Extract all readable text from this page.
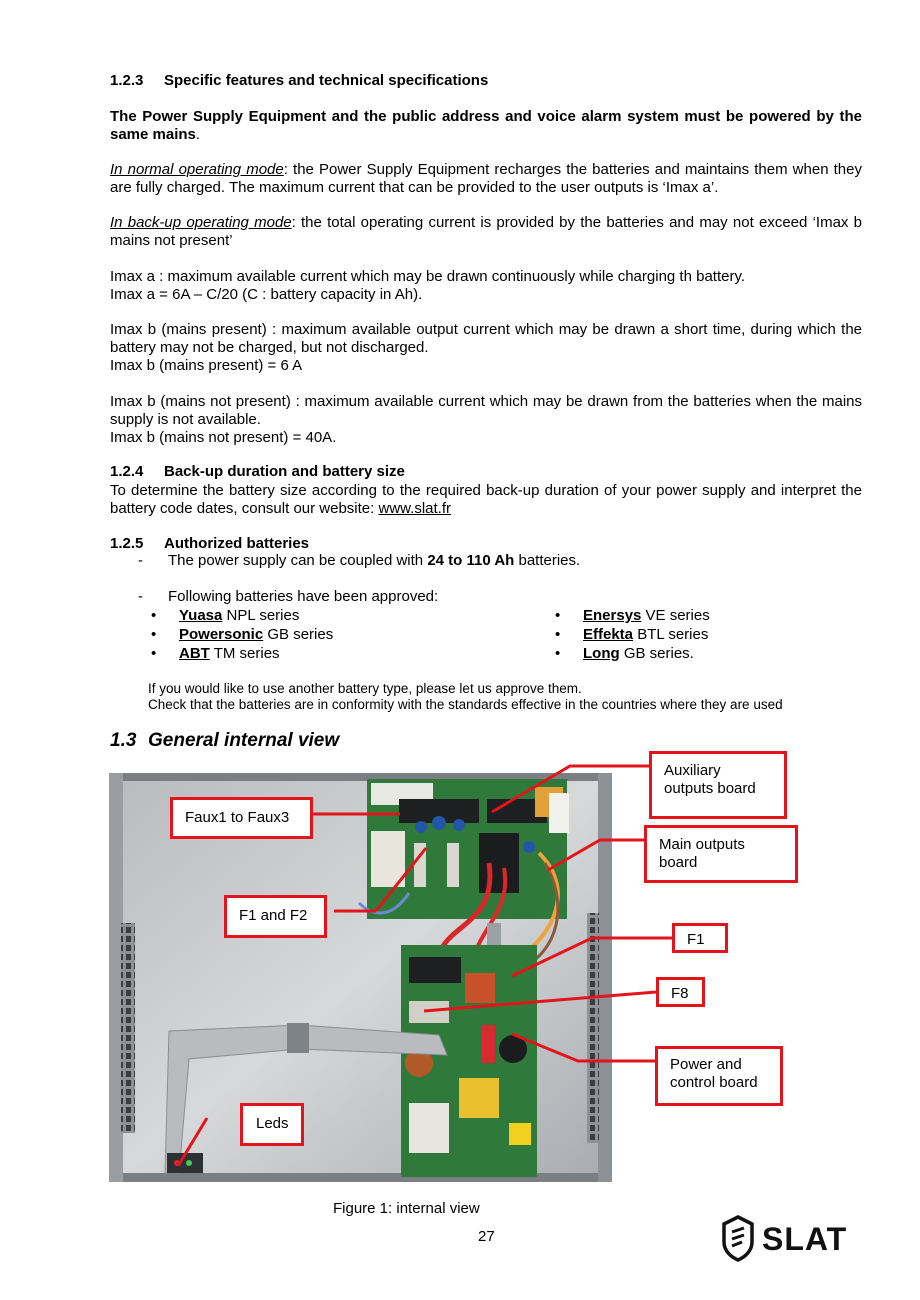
1.2.3 Specific features and technical specifications

The Power Supply Equipment and the public address and voice alarm system must be powered by the same mains.

In normal operating mode: the Power Supply Equipment recharges the batteries and maintains them when they are fully charged. The maximum current that can be provided to the user outputs is ‘Imax a’.

In back-up operating mode: the total operating current is provided by the batteries and may not exceed ‘Imax b mains not present’

Imax a : maximum available current which may be drawn continuously while charging th battery.

Imax a = 6A – C/20 (C : battery capacity in Ah).

Imax b (mains present) : maximum available output current which may be drawn a short time, during which the battery may not be charged, but not discharged.

Imax b (mains present) = 6 A

Imax b (mains not present) : maximum available current which may be drawn from the batteries when the mains supply is not available.

Imax b (mains not present) = 40A.

1.2.4 Back-up duration and battery size

To determine the battery size according to the required back-up duration of your power supply and interpret the battery code dates, consult our website: www.slat.fr

1.2.5 Authorized batteries

- The power supply can be coupled with 24 to 110 Ah batteries.

- Following batteries have been approved:

• Yuasa NPL series
• Powersonic GB series
• ABT TM series
• Enersys VE series
• Effekta BTL series
• Long GB series.

If you would like to use another battery type, please let us approve them.

Check that the batteries are in conformity with the standards effective in the countries where they are used

1.3 General internal view
Faux1 to Faux3
F1 and F2
Leds
Auxiliary outputs board
Main outputs board
F1
F8
Power and control board

Figure 1: internal view

27	SLAT
